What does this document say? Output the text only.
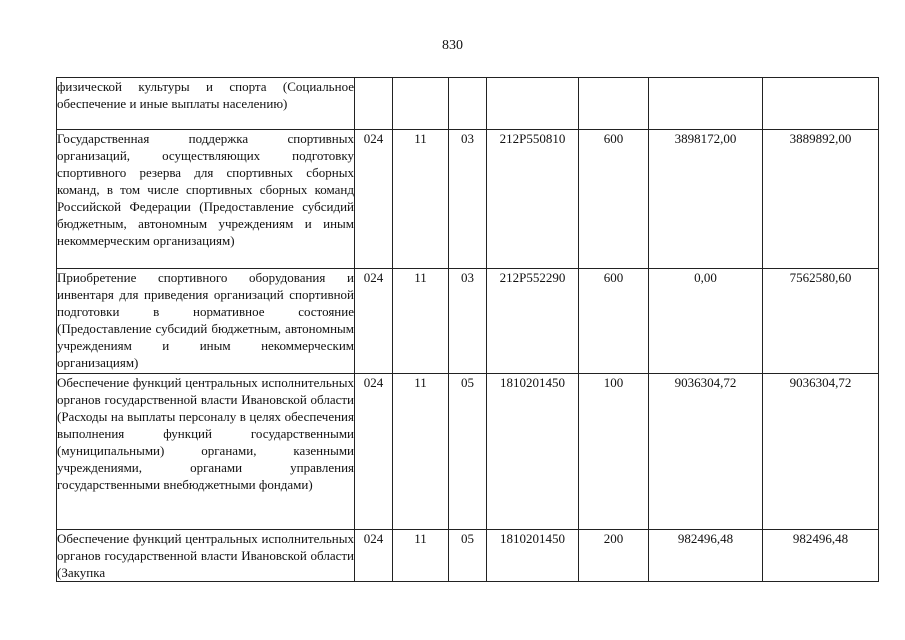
830
физической культуры и спорта (Социальное обеспечение и иные выплаты населению)							
Государственная поддержка спортивных организаций, осуществляющих подготовку спортивного резерва для спортивных сборных команд, в том числе спортивных сборных команд Российской Федерации (Предоставление субсидий бюджетным, автономным учреждениям и иным некоммерческим организациям)	024	11	03	212P550810	600	3898172,00	3889892,00
Приобретение спортивного оборудования и инвентаря для приведения организаций спортивной подготовки в нормативное состояние (Предоставление субсидий бюджетным, автономным учреждениям и иным некоммерческим организациям)	024	11	03	212P552290	600	0,00	7562580,60
Обеспечение функций центральных исполнительных органов государственной власти Ивановской области (Расходы на выплаты персоналу в целях обеспечения выполнения функций государственными (муниципальными) органами, казенными учреждениями, органами управления государственными внебюджетными фондами)	024	11	05	1810201450	100	9036304,72	9036304,72
Обеспечение функций центральных исполнительных органов государственной власти Ивановской области (Закупка	024	11	05	1810201450	200	982496,48	982496,48
